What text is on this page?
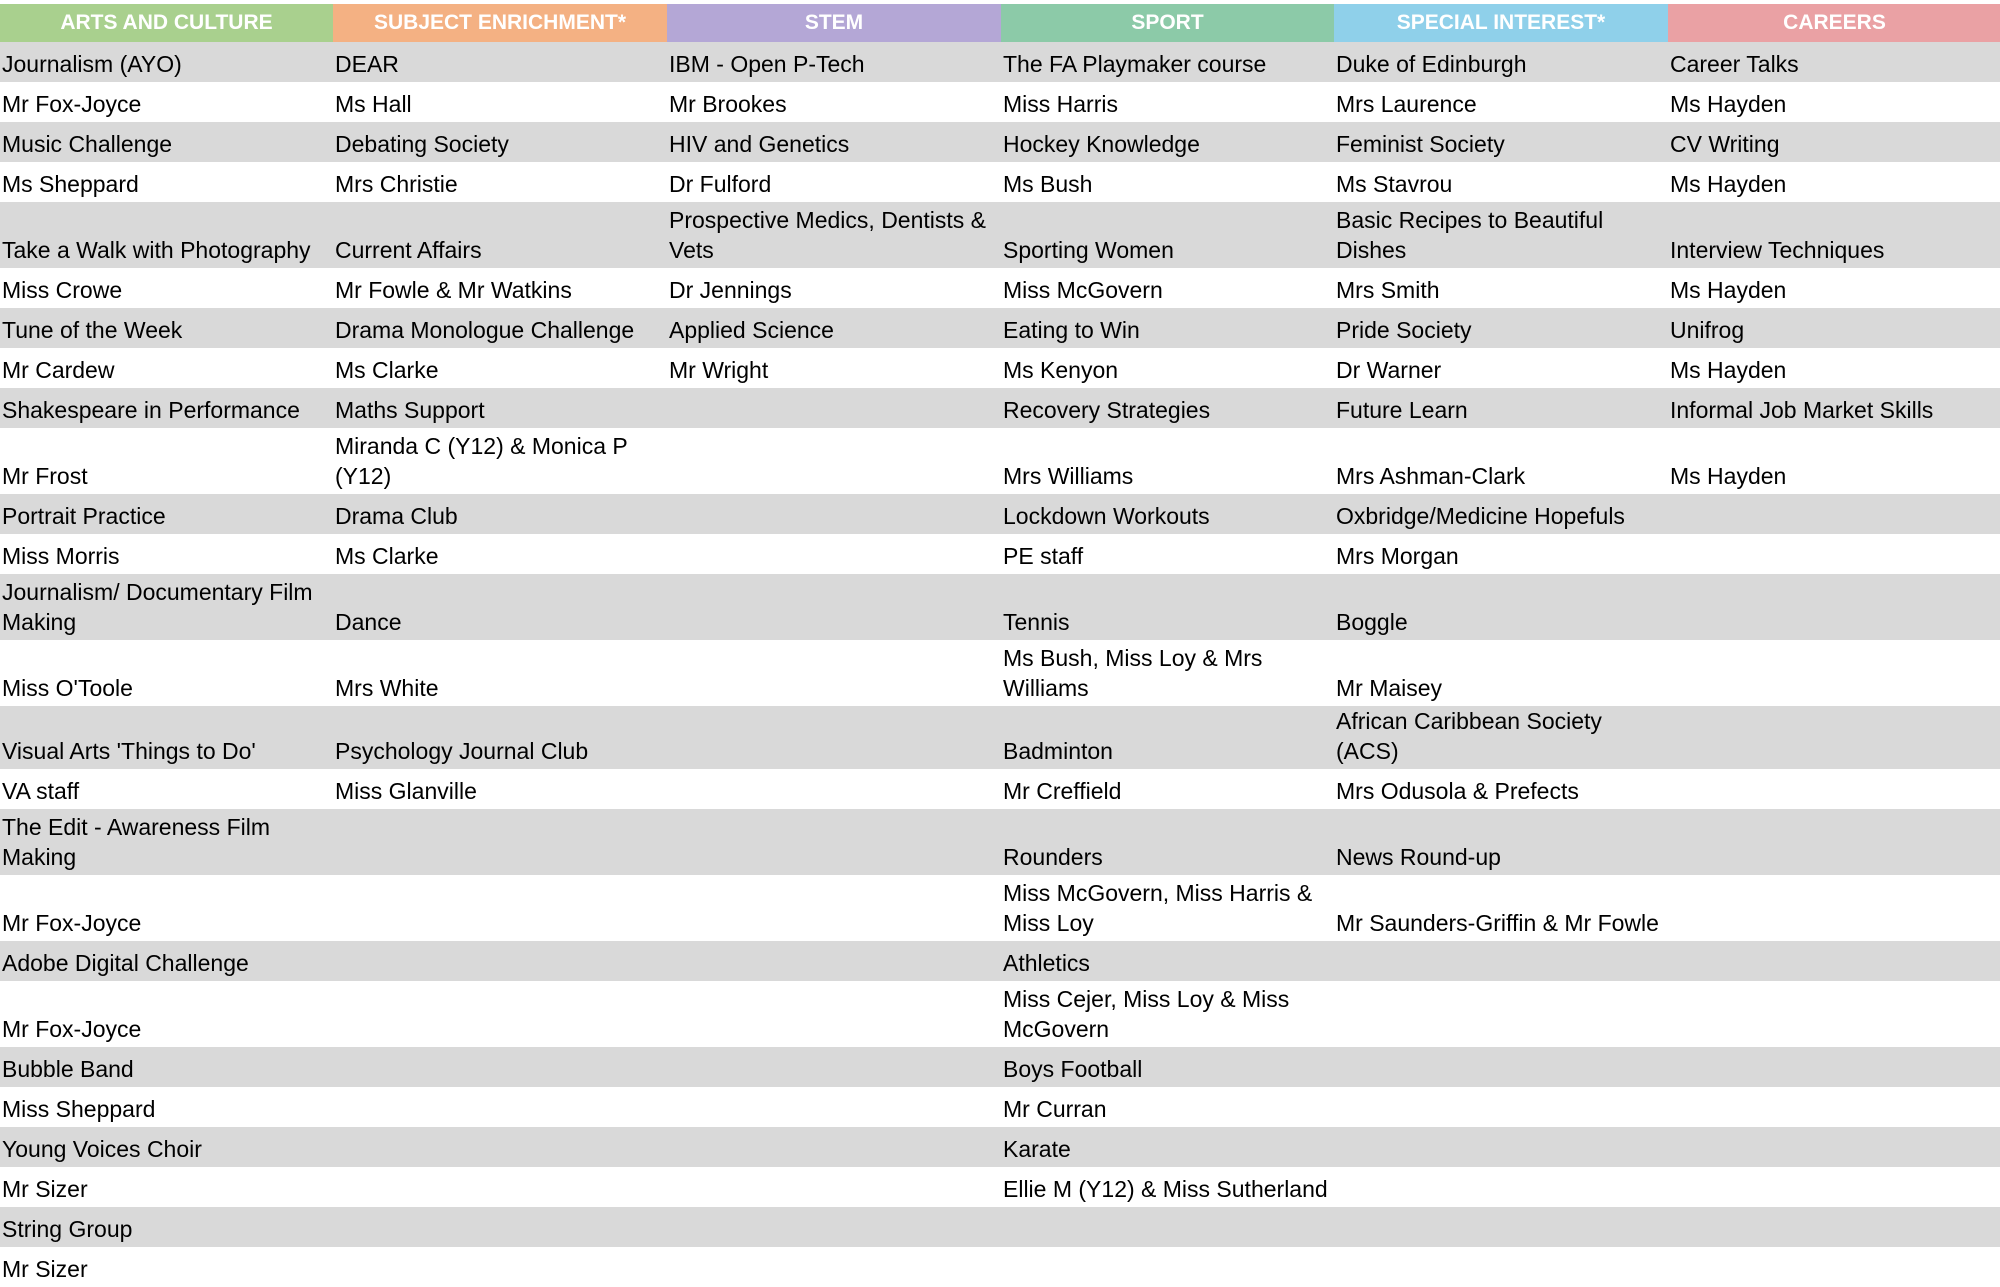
ARTS AND CULTURE	SUBJECT ENRICHMENT*	STEM	SPORT	SPECIAL INTEREST*	CAREERS
Journalism (AYO)	DEAR	IBM - Open P-Tech	The FA Playmaker course	Duke of Edinburgh	Career Talks
Mr Fox-Joyce	Ms Hall	Mr Brookes	Miss Harris	Mrs Laurence	Ms Hayden
Music Challenge	Debating Society	HIV and Genetics	Hockey Knowledge	Feminist Society	CV Writing
Ms Sheppard	Mrs Christie	Dr Fulford	Ms Bush	Ms Stavrou	Ms Hayden
Take a Walk with Photography	Current Affairs	Prospective Medics, Dentists & Vets	Sporting Women	Basic Recipes to Beautiful Dishes	Interview Techniques
Miss Crowe	Mr Fowle & Mr Watkins	Dr Jennings	Miss McGovern	Mrs Smith	Ms Hayden
Tune of the Week	Drama Monologue Challenge	Applied Science	Eating to Win	Pride Society	Unifrog
Mr Cardew	Ms Clarke	Mr Wright	Ms Kenyon	Dr Warner	Ms Hayden
Shakespeare in Performance	Maths Support		Recovery Strategies	Future Learn	Informal Job Market Skills
Mr Frost	Miranda C (Y12) & Monica P (Y12)		Mrs Williams	Mrs Ashman-Clark	Ms Hayden
Portrait Practice	Drama Club		Lockdown Workouts	Oxbridge/Medicine Hopefuls	
Miss Morris	Ms Clarke		PE staff	Mrs Morgan	
Journalism/ Documentary Film Making	Dance		Tennis	Boggle	
Miss O'Toole	Mrs White		Ms Bush, Miss Loy & Mrs Williams	Mr Maisey	
Visual Arts 'Things to Do'	Psychology Journal Club		Badminton	African Caribbean Society (ACS)	
VA staff	Miss Glanville		Mr Creffield	Mrs Odusola & Prefects	
The Edit - Awareness Film Making			Rounders	News Round-up	
Mr Fox-Joyce			Miss McGovern, Miss Harris & Miss Loy	Mr Saunders-Griffin & Mr Fowle	
Adobe Digital Challenge			Athletics		
Mr Fox-Joyce			Miss Cejer, Miss Loy & Miss McGovern		
Bubble Band			Boys Football		
Miss Sheppard			Mr Curran		
Young Voices Choir			Karate		
Mr Sizer			Ellie M (Y12) & Miss Sutherland		
String Group					
Mr Sizer					
